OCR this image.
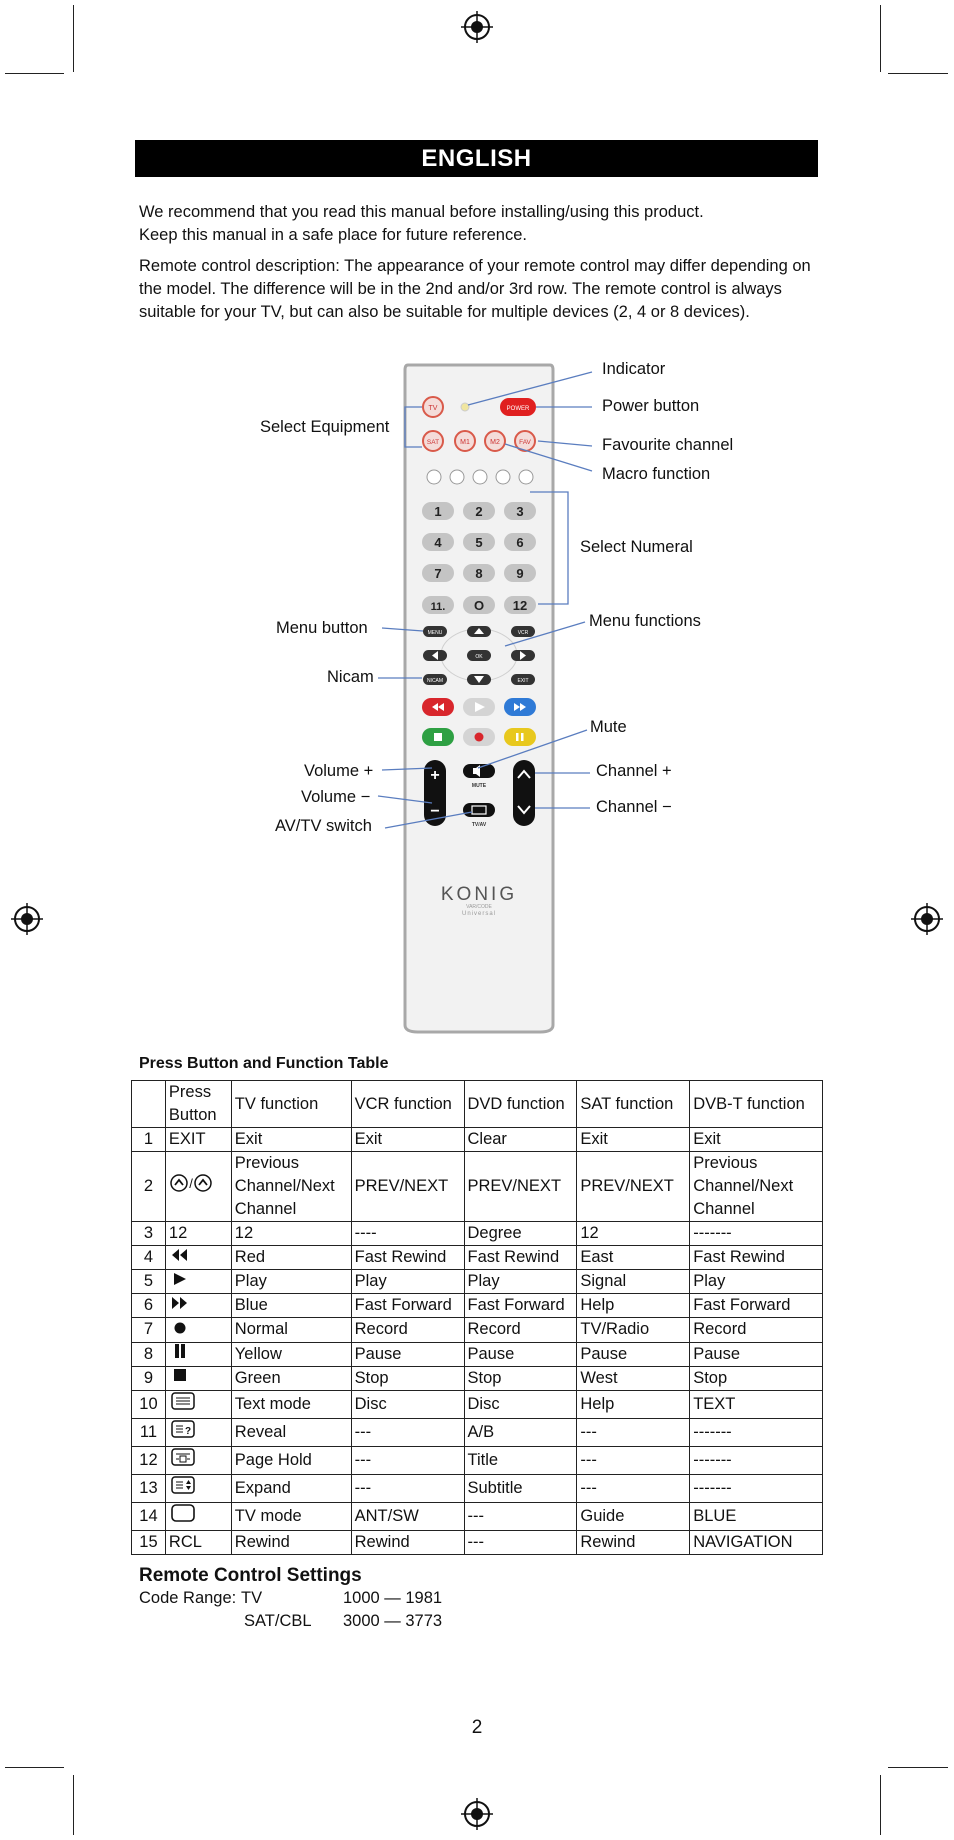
ENGLISH

We recommend that you read this manual before installing/using this product.

Keep this manual in a safe place for future reference.

Remote control description: The appearance of your remote control may differ depending on the model. The difference will be in the 2nd and/or 3rd row. The remote control is always suitable for your TV, but can also be suitable for multiple devices (2, 4 or 8 devices).

TV	POWER
SAT	M1	M2	FAV
1	2	3
4	5	6
7	8	9
11. O 12
MENU	VCR
OK
NICAM	EXIT
+
−
MUTE
TV/AV
KONIG
VAR/CODE
Universal
Indicator
Power button
Select Equipment
Favourite channel
Macro function
Select Numeral
Menu button	Menu functions
Nicam
Mute
Volume +
Volume −
AV/TV switch
Channel +
Channel −
Press Button and Function Table
	Press Button	TV function	VCR function	DVD function	SAT function	DVB-T function
1	EXIT	Exit	Exit	Clear	Exit	Exit
2	/	Previous Channel/Next Channel	PREV/NEXT	PREV/NEXT	PREV/NEXT	Previous Channel/Next Channel
3	12	12	----	Degree	12	-------
4		Red	Fast Rewind	Fast Rewind	East	Fast Rewind
5		Play	Play	Play	Signal	Play
6		Blue	Fast Forward	Fast Forward	Help	Fast Forward
7		Normal	Record	Record	TV/Radio	Record
8		Yellow	Pause	Pause	Pause	Pause
9		Green	Stop	Stop	West	Stop
10		Text mode	Disc	Disc	Help	TEXT
11	?	Reveal	---	A/B	---	-------
12		Page Hold	---	Title	---	-------
13		Expand	---	Subtitle	---	-------
14		TV mode	ANT/SW	---	Guide	BLUE
15	RCL	Rewind	Rewind	---	Rewind	NAVIGATION
Remote Control Settings
Code Range: TV	1000 — 1981
SAT/CBL 3000 — 3773
2
